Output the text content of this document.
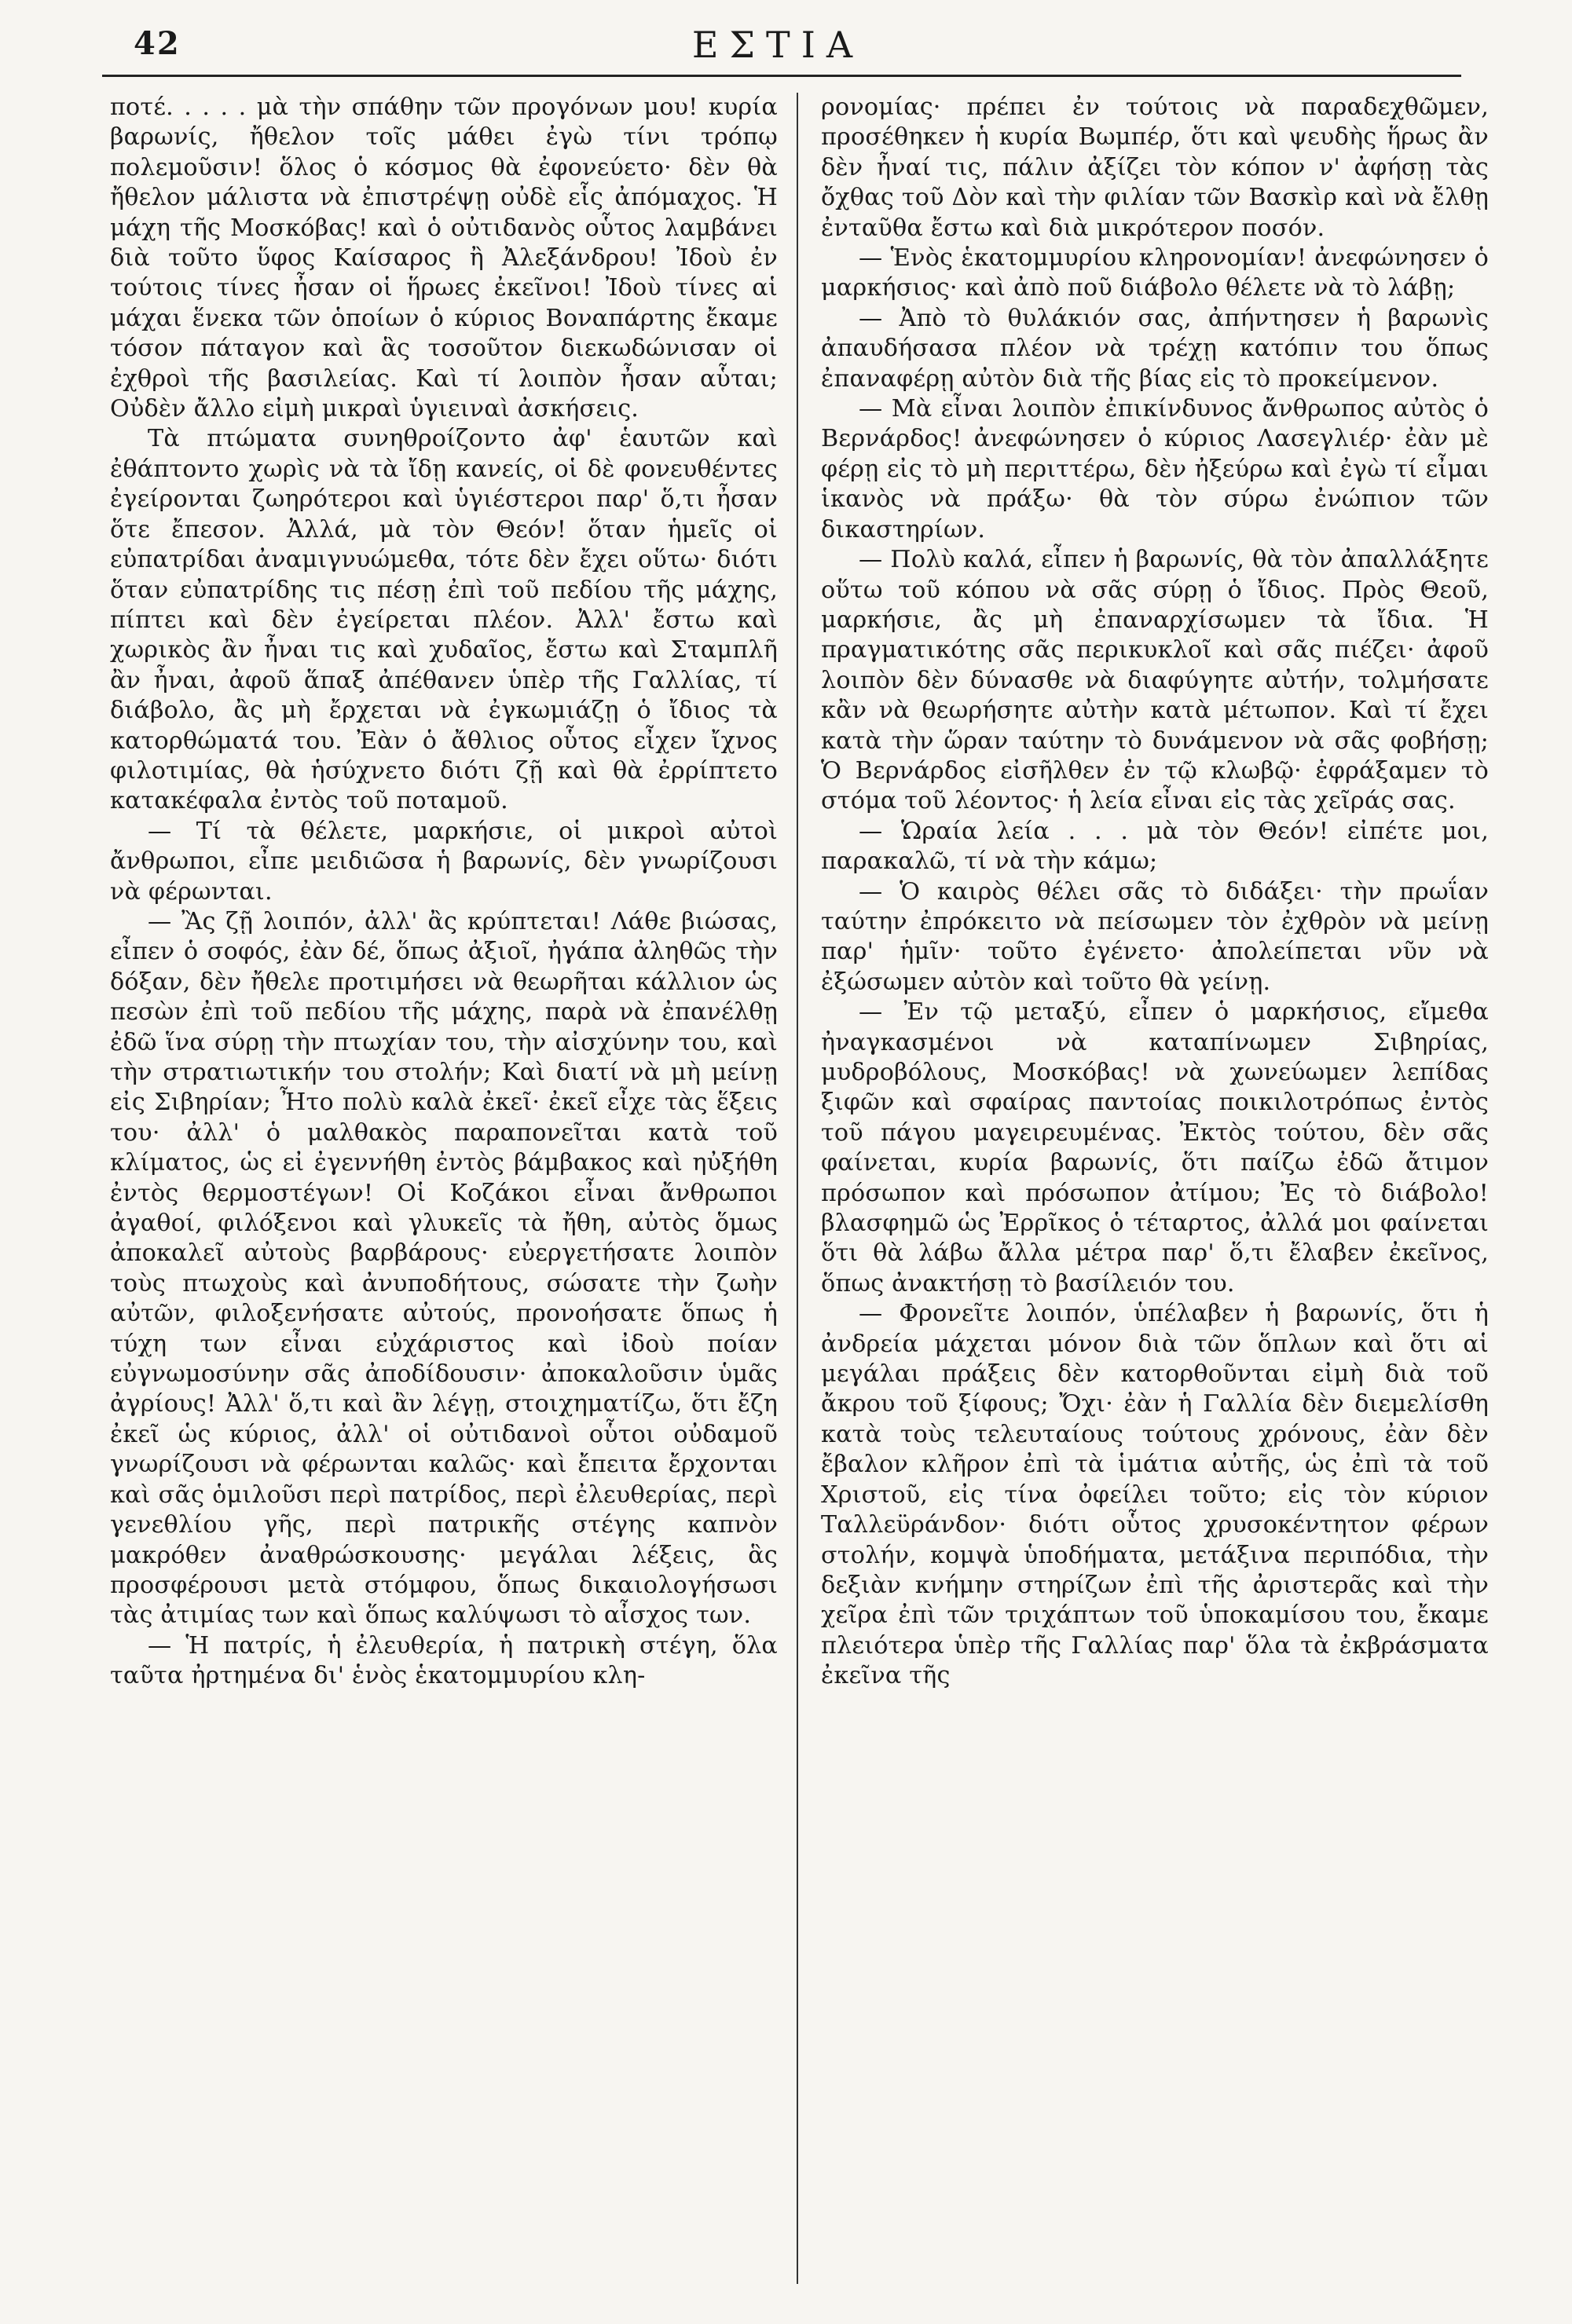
42	ΕΣΤΙΑ

ποτέ. . . . . μὰ τὴν σπάθην τῶν προγόνων μου! κυρία βαρωνίς, ἤθελον τοῖς μάθει ἐγὼ τίνι τρόπῳ πολεμοῦσιν! ὅλος ὁ κόσμος θὰ ἐφονεύετο· δὲν θὰ ἤθελον μάλιστα νὰ ἐπιστρέψῃ οὐδὲ εἷς ἀπόμαχος. Ἡ μάχη τῆς Μοσκόβας! καὶ ὁ οὐτιδανὸς οὗτος λαμβάνει διὰ τοῦτο ὕφος Καίσαρος ἢ Ἀλεξάνδρου! Ἰδοὺ ἐν τούτοις τίνες ἦσαν οἱ ἥρωες ἐκεῖνοι! Ἰδοὺ τίνες αἱ μάχαι ἕνεκα τῶν ὁποίων ὁ κύριος Βοναπάρτης ἔκαμε τόσον πάταγον καὶ ἃς τοσοῦτον διεκωδώνισαν οἱ ἐχθροὶ τῆς βασιλείας. Καὶ τί λοιπὸν ἦσαν αὗται; Οὐδὲν ἄλλο εἰμὴ μικραὶ ὑγιειναὶ ἀσκήσεις.

Τὰ πτώματα συνηθροίζοντο ἀφ' ἑαυτῶν καὶ ἐθάπτοντο χωρὶς νὰ τὰ ἴδῃ κανείς, οἱ δὲ φονευθέντες ἐγείρονται ζωηρότεροι καὶ ὑγιέστεροι παρ' ὅ,τι ἦσαν ὅτε ἔπεσον. Ἀλλά, μὰ τὸν Θεόν! ὅταν ἡμεῖς οἱ εὐπατρίδαι ἀναμιγνυώμεθα, τότε δὲν ἔχει οὕτω· διότι ὅταν εὐπατρίδης τις πέσῃ ἐπὶ τοῦ πεδίου τῆς μάχης, πίπτει καὶ δὲν ἐγείρεται πλέον. Ἀλλ' ἔστω καὶ χωρικὸς ἂν ἦναι τις καὶ χυδαῖος, ἔστω καὶ Σταμπλῆ ἂν ἦναι, ἀφοῦ ἅπαξ ἀπέθανεν ὑπὲρ τῆς Γαλλίας, τί διάβολο, ἂς μὴ ἔρχεται νὰ ἐγκωμιάζῃ ὁ ἴδιος τὰ κατορθώματά του. Ἐὰν ὁ ἄθλιος οὗτος εἶχεν ἴχνος φιλοτιμίας, θὰ ἡσύχνετο διότι ζῇ καὶ θὰ ἐρρίπτετο κατακέφαλα ἐντὸς τοῦ ποταμοῦ.

— Τί τὰ θέλετε, μαρκήσιε, οἱ μικροὶ αὐτοὶ ἄνθρωποι, εἶπε μειδιῶσα ἡ βαρωνίς, δὲν γνωρίζουσι νὰ φέρωνται.

— Ἂς ζῇ λοιπόν, ἀλλ' ἂς κρύπτεται! Λάθε βιώσας, εἶπεν ὁ σοφός, ἐὰν δέ, ὅπως ἀξιοῖ, ἠγάπα ἀληθῶς τὴν δόξαν, δὲν ἤθελε προτιμήσει νὰ θεωρῆται κάλλιον ὡς πεσὼν ἐπὶ τοῦ πεδίου τῆς μάχης, παρὰ νὰ ἐπανέλθῃ ἐδῶ ἵνα σύρῃ τὴν πτωχίαν του, τὴν αἰσχύνην του, καὶ τὴν στρατιωτικήν του στολήν; Καὶ διατί νὰ μὴ μείνῃ εἰς Σιβηρίαν; Ἦτο πολὺ καλὰ ἐκεῖ· ἐκεῖ εἶχε τὰς ἕξεις του· ἀλλ' ὁ μαλθακὸς παραπονεῖται κατὰ τοῦ κλίματος, ὡς εἰ ἐγεννήθη ἐντὸς βάμβακος καὶ ηὐξήθη ἐντὸς θερμοστέγων! Οἱ Κοζάκοι εἶναι ἄνθρωποι ἀγαθοί, φιλόξενοι καὶ γλυκεῖς τὰ ἤθη, αὐτὸς ὅμως ἀποκαλεῖ αὐτοὺς βαρβάρους· εὐεργετήσατε λοιπὸν τοὺς πτωχοὺς καὶ ἀνυποδήτους, σώσατε τὴν ζωὴν αὐτῶν, φιλοξενήσατε αὐτούς, προνοήσατε ὅπως ἡ τύχη των εἶναι εὐχάριστος καὶ ἰδοὺ ποίαν εὐγνωμοσύνην σᾶς ἀποδίδουσιν· ἀποκαλοῦσιν ὑμᾶς ἀγρίους! Ἀλλ' ὅ,τι καὶ ἂν λέγῃ, στοιχηματίζω, ὅτι ἔζη ἐκεῖ ὡς κύριος, ἀλλ' οἱ οὐτιδανοὶ οὗτοι οὐδαμοῦ γνωρίζουσι νὰ φέρωνται καλῶς· καὶ ἔπειτα ἔρχονται καὶ σᾶς ὁμιλοῦσι περὶ πατρίδος, περὶ ἐλευθερίας, περὶ γενεθλίου γῆς, περὶ πατρικῆς στέγης καπνὸν μακρόθεν ἀναθρώσκουσης· μεγάλαι λέξεις, ἃς προσφέρουσι μετὰ στόμφου, ὅπως δικαιολογήσωσι τὰς ἀτιμίας των καὶ ὅπως καλύψωσι τὸ αἶσχος των.

— Ἡ πατρίς, ἡ ἐλευθερία, ἡ πατρικὴ στέγη, ὅλα ταῦτα ἠρτημένα δι' ἑνὸς ἑκατομμυρίου κλη-

ρονομίας· πρέπει ἐν τούτοις νὰ παραδεχθῶμεν, προσέθηκεν ἡ κυρία Βωμπέρ, ὅτι καὶ ψευδὴς ἥρως ἂν δὲν ἦναί τις, πάλιν ἀξίζει τὸν κόπον ν' ἀφήσῃ τὰς ὄχθας τοῦ Δὸν καὶ τὴν φιλίαν τῶν Βασκὶρ καὶ νὰ ἔλθῃ ἐνταῦθα ἔστω καὶ διὰ μικρότερον ποσόν.

— Ἑνὸς ἑκατομμυρίου κληρονομίαν! ἀνεφώνησεν ὁ μαρκήσιος· καὶ ἀπὸ ποῦ διάβολο θέλετε νὰ τὸ λάβῃ;

— Ἀπὸ τὸ θυλάκιόν σας, ἀπήντησεν ἡ βαρωνὶς ἀπαυδήσασα πλέον νὰ τρέχῃ κατόπιν του ὅπως ἐπαναφέρῃ αὐτὸν διὰ τῆς βίας εἰς τὸ προκείμενον.

— Μὰ εἶναι λοιπὸν ἐπικίνδυνος ἄνθρωπος αὐτὸς ὁ Βερνάρδος! ἀνεφώνησεν ὁ κύριος Λασεγλιέρ· ἐὰν μὲ φέρῃ εἰς τὸ μὴ περιττέρω, δὲν ἠξεύρω καὶ ἐγὼ τί εἶμαι ἱκανὸς νὰ πράξω· θὰ τὸν σύρω ἐνώπιον τῶν δικαστηρίων.

— Πολὺ καλά, εἶπεν ἡ βαρωνίς, θὰ τὸν ἀπαλλάξητε οὕτω τοῦ κόπου νὰ σᾶς σύρῃ ὁ ἴδιος. Πρὸς Θεοῦ, μαρκήσιε, ἂς μὴ ἐπαναρχίσωμεν τὰ ἴδια. Ἡ πραγματικότης σᾶς περικυκλοῖ καὶ σᾶς πιέζει· ἀφοῦ λοιπὸν δὲν δύνασθε νὰ διαφύγητε αὐτήν, τολμήσατε κἂν νὰ θεωρήσητε αὐτὴν κατὰ μέτωπον. Καὶ τί ἔχει κατὰ τὴν ὥραν ταύτην τὸ δυνάμενον νὰ σᾶς φοβήσῃ; Ὁ Βερνάρδος εἰσῆλθεν ἐν τῷ κλωβῷ· ἐφράξαμεν τὸ στόμα τοῦ λέοντος· ἡ λεία εἶναι εἰς τὰς χεῖράς σας.

— Ὡραία λεία . . . μὰ τὸν Θεόν! εἰπέτε μοι, παρακαλῶ, τί νὰ τὴν κάμω;

— Ὁ καιρὸς θέλει σᾶς τὸ διδάξει· τὴν πρωΐαν ταύτην ἐπρόκειτο νὰ πείσωμεν τὸν ἐχθρὸν νὰ μείνῃ παρ' ἡμῖν· τοῦτο ἐγένετο· ἀπολείπεται νῦν νὰ ἐξώσωμεν αὐτὸν καὶ τοῦτο θὰ γείνῃ.

— Ἐν τῷ μεταξύ, εἶπεν ὁ μαρκήσιος, εἴμεθα ἠναγκασμένοι νὰ καταπίνωμεν Σιβηρίας, μυδροβόλους, Μοσκόβας! νὰ χωνεύωμεν λεπίδας ξιφῶν καὶ σφαίρας παντοίας ποικιλοτρόπως ἐντὸς τοῦ πάγου μαγειρευμένας. Ἐκτὸς τούτου, δὲν σᾶς φαίνεται, κυρία βαρωνίς, ὅτι παίζω ἐδῶ ἄτιμον πρόσωπον καὶ πρόσωπον ἀτίμου; Ἐς τὸ διάβολο! βλασφημῶ ὡς Ἐρρῖκος ὁ τέταρτος, ἀλλά μοι φαίνεται ὅτι θὰ λάβω ἄλλα μέτρα παρ' ὅ,τι ἔλαβεν ἐκεῖνος, ὅπως ἀνακτήσῃ τὸ βασίλειόν του.

— Φρονεῖτε λοιπόν, ὑπέλαβεν ἡ βαρωνίς, ὅτι ἡ ἀνδρεία μάχεται μόνον διὰ τῶν ὅπλων καὶ ὅτι αἱ μεγάλαι πράξεις δὲν κατορθοῦνται εἰμὴ διὰ τοῦ ἄκρου τοῦ ξίφους; Ὄχι· ἐὰν ἡ Γαλλία δὲν διεμελίσθη κατὰ τοὺς τελευταίους τούτους χρόνους, ἐὰν δὲν ἔβαλον κλῆρον ἐπὶ τὰ ἱμάτια αὐτῆς, ὡς ἐπὶ τὰ τοῦ Χριστοῦ, εἰς τίνα ὀφείλει τοῦτο; εἰς τὸν κύριον Ταλλεϋράνδον· διότι οὗτος χρυσοκέντητον φέρων στολήν, κομψὰ ὑποδήματα, μετάξινα περιπόδια, τὴν δεξιὰν κνήμην στηρίζων ἐπὶ τῆς ἀριστερᾶς καὶ τὴν χεῖρα ἐπὶ τῶν τριχάπτων τοῦ ὑποκαμίσου του, ἔκαμε πλειότερα ὑπὲρ τῆς Γαλλίας παρ' ὅλα τὰ ἐκβράσματα ἐκεῖνα τῆς
